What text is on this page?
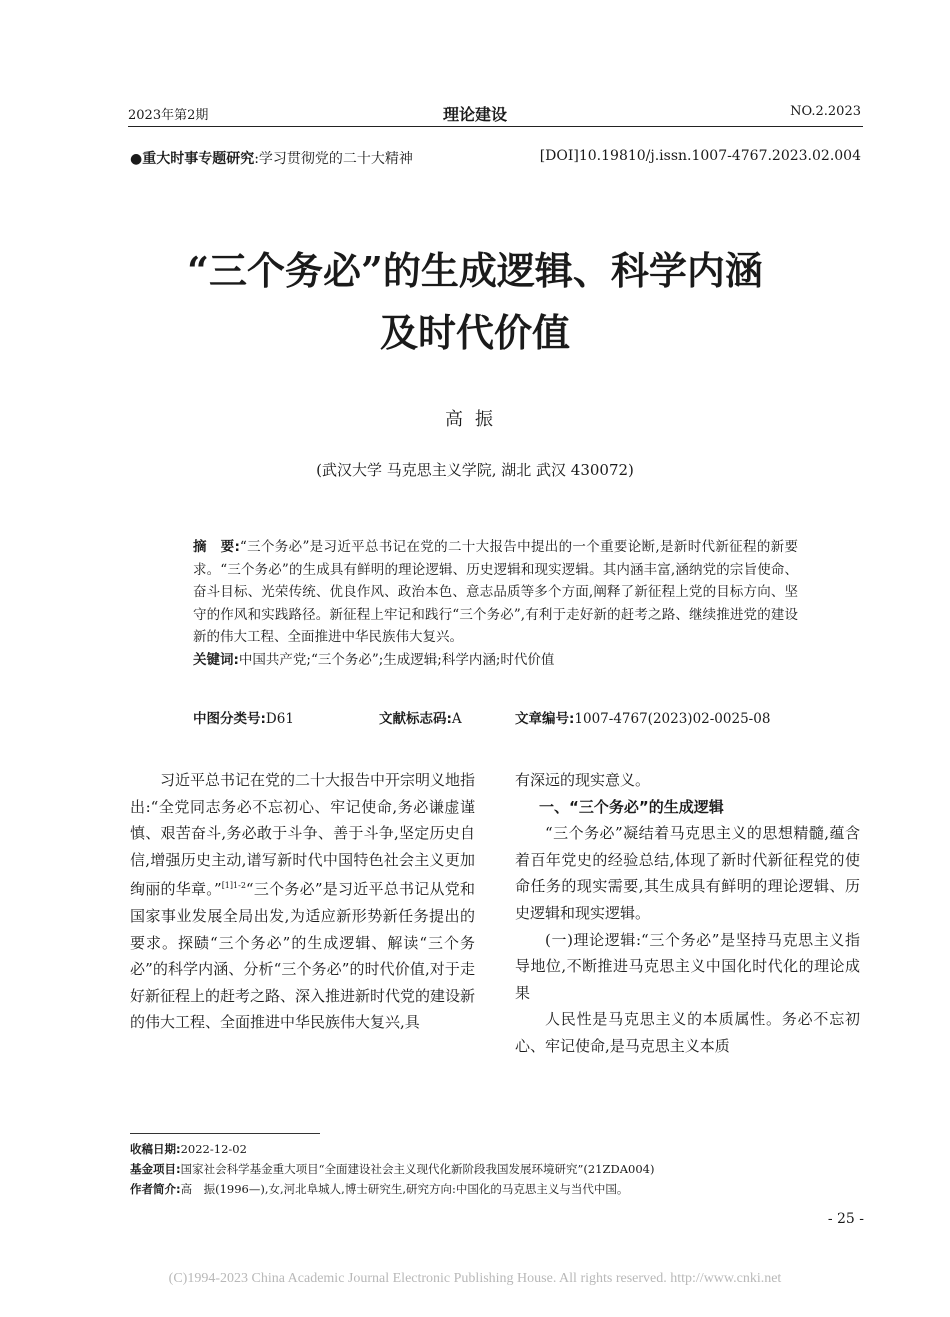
2023年第2期	理论建设	NO.2.2023
●重大时事专题研究:学习贯彻党的二十大精神	[DOI]10.19810/j.issn.1007-4767.2023.02.004
“三个务必”的生成逻辑、科学内涵
及时代价值
高振
(武汉大学 马克思主义学院, 湖北 武汉 430072)
摘　要:“三个务必”是习近平总书记在党的二十大报告中提出的一个重要论断,是新时代新征程的新要求。“三个务必”的生成具有鲜明的理论逻辑、历史逻辑和现实逻辑。其内涵丰富,涵纳党的宗旨使命、奋斗目标、光荣传统、优良作风、政治本色、意志品质等多个方面,阐释了新征程上党的目标方向、坚守的作风和实践路径。新征程上牢记和践行“三个务必”,有利于走好新的赶考之路、继续推进党的建设新的伟大工程、全面推进中华民族伟大复兴。
关键词:中国共产党;“三个务必”;生成逻辑;科学内涵;时代价值
中图分类号:D61	文献标志码:A	文章编号:1007-4767(2023)02-0025-08

习近平总书记在党的二十大报告中开宗明义地指出:“全党同志务必不忘初心、牢记使命,务必谦虚谨慎、艰苦奋斗,务必敢于斗争、善于斗争,坚定历史自信,增强历史主动,谱写新时代中国特色社会主义更加绚丽的华章。”$^{[1]1-2}$“三个务必”是习近平总书记从党和国家事业发展全局出发,为适应新形势新任务提出的要求。探赜“三个务必”的生成逻辑、解读“三个务必”的科学内涵、分析“三个务必”的时代价值,对于走好新征程上的赶考之路、深入推进新时代党的建设新的伟大工程、全面推进中华民族伟大复兴,具

有深远的现实意义。

一、“三个务必”的生成逻辑

“三个务必”凝结着马克思主义的思想精髓,蕴含着百年党史的经验总结,体现了新时代新征程党的使命任务的现实需要,其生成具有鲜明的理论逻辑、历史逻辑和现实逻辑。

(一)理论逻辑:“三个务必”是坚持马克思主义指导地位,不断推进马克思主义中国化时代化的理论成果

人民性是马克思主义的本质属性。务必不忘初心、牢记使命,是马克思主义本质

收稿日期:2022-12-02
基金项目:国家社会科学基金重大项目“全面建设社会主义现代化新阶段我国发展环境研究”(21ZDA004)
作者简介:高　振(1996—),女,河北阜城人,博士研究生,研究方向:中国化的马克思主义与当代中国。
- 25 -
(C)1994-2023 China Academic Journal Electronic Publishing House. All rights reserved. http://www.cnki.net
